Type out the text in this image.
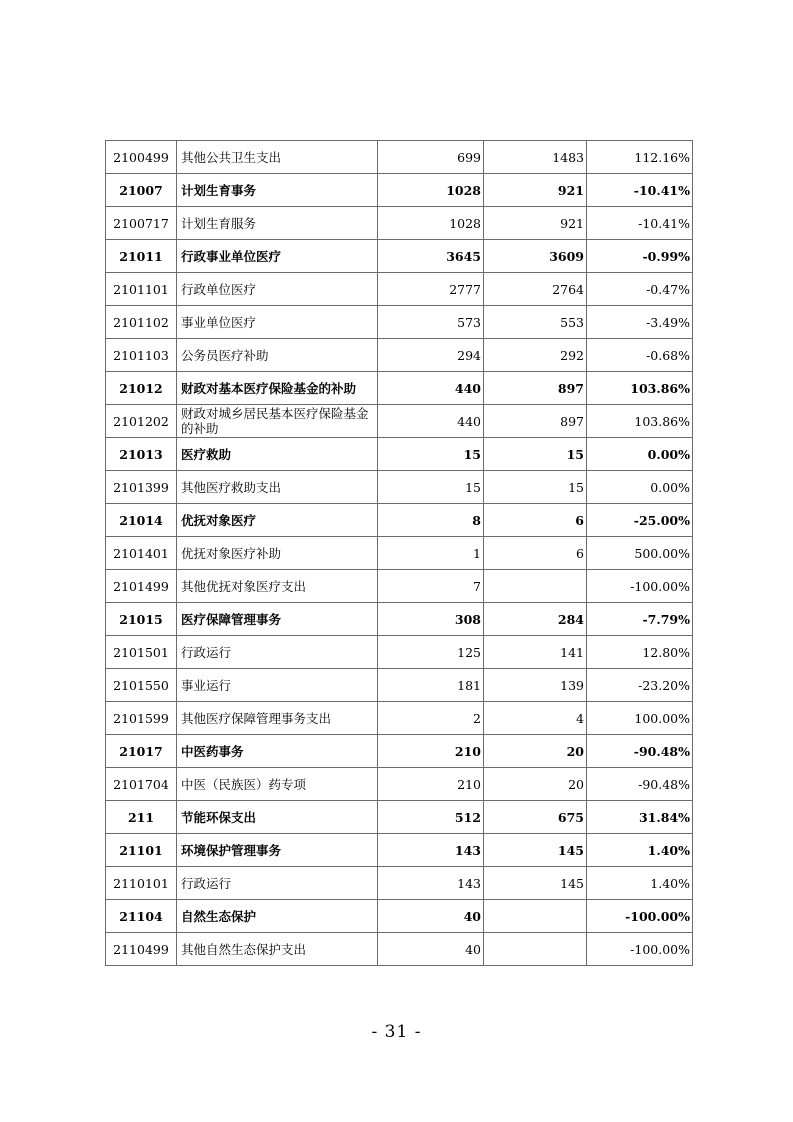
2100499	其他公共卫生支出	699	1483	112.16%
21007	计划生育事务	1028	921	-10.41%
2100717	计划生育服务	1028	921	-10.41%
21011	行政事业单位医疗	3645	3609	-0.99%
2101101	行政单位医疗	2777	2764	-0.47%
2101102	事业单位医疗	573	553	-3.49%
2101103	公务员医疗补助	294	292	-0.68%
21012	财政对基本医疗保险基金的补助	440	897	103.86%
2101202	财政对城乡居民基本医疗保险基金的补助	440	897	103.86%
21013	医疗救助	15	15	0.00%
2101399	其他医疗救助支出	15	15	0.00%
21014	优抚对象医疗	8	6	-25.00%
2101401	优抚对象医疗补助	1	6	500.00%
2101499	其他优抚对象医疗支出	7		-100.00%
21015	医疗保障管理事务	308	284	-7.79%
2101501	行政运行	125	141	12.80%
2101550	事业运行	181	139	-23.20%
2101599	其他医疗保障管理事务支出	2	4	100.00%
21017	中医药事务	210	20	-90.48%
2101704	中医（民族医）药专项	210	20	-90.48%
211	节能环保支出	512	675	31.84%
21101	环境保护管理事务	143	145	1.40%
2110101	行政运行	143	145	1.40%
21104	自然生态保护	40		-100.00%
2110499	其他自然生态保护支出	40		-100.00%
- 31 -
